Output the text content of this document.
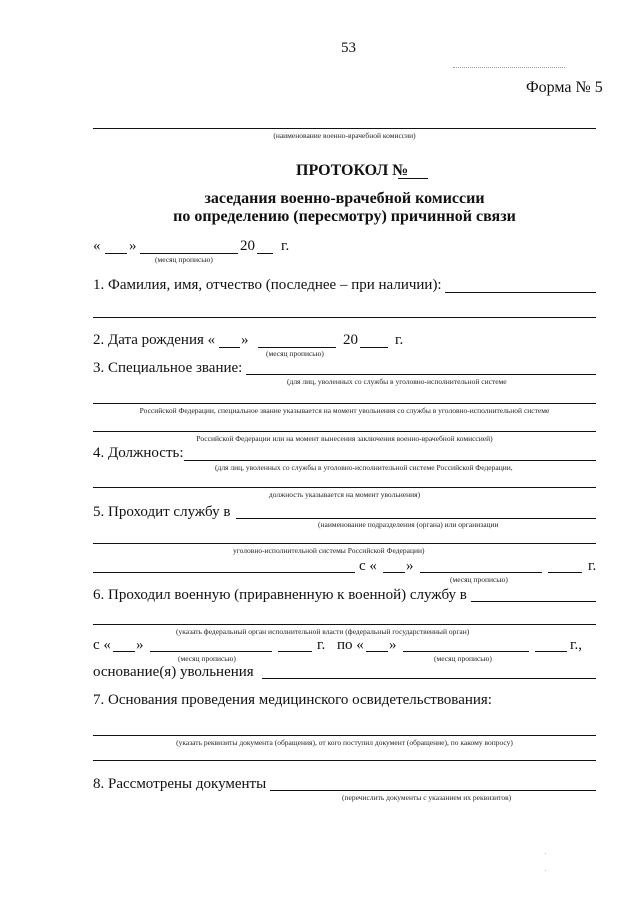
53
Форма № 5
(наименование военно-врачебной комиссии)
ПРОТОКОЛ №
заседания военно-врачебной комиссии
по определению (пересмотру) причинной связи
« »	20 г.
(месяц прописью)
1. Фамилия, имя, отчество (последнее – при наличии):
2. Дата рождения « »	20 г.
(месяц прописью)
3. Специальное звание:
(для лиц, уволенных со службы в уголовно-исполнительной системе
Российской Федерации, специальное звание указывается на момент увольнения со службы в уголовно-исполнительной системе
Российской Федерации или на момент вынесения заключения военно-врачебной комиссией)
4. Должность:
(для лиц, уволенных со службы в уголовно-исполнительной системе Российской Федерации,
должность указывается на момент увольнения)
5. Проходит службу в
(наименование подразделения (органа) или организации
уголовно-исполнительной системы Российской Федерации)
с « »	г.
(месяц прописью)
6. Проходил военную (приравненную к военной) службу в
(указать федеральный орган исполнительной власти (федеральный государственный орган)
с « »	г. по « »	г.,
(месяц прописью)	(месяц прописью)
основание(я) увольнения
7. Основания проведения медицинского освидетельствования:
(указать реквизиты документа (обращения), от кого поступил документ (обращение), по какому вопросу)
8. Рассмотрены документы
(перечислить документы с указанием их реквизитов)
